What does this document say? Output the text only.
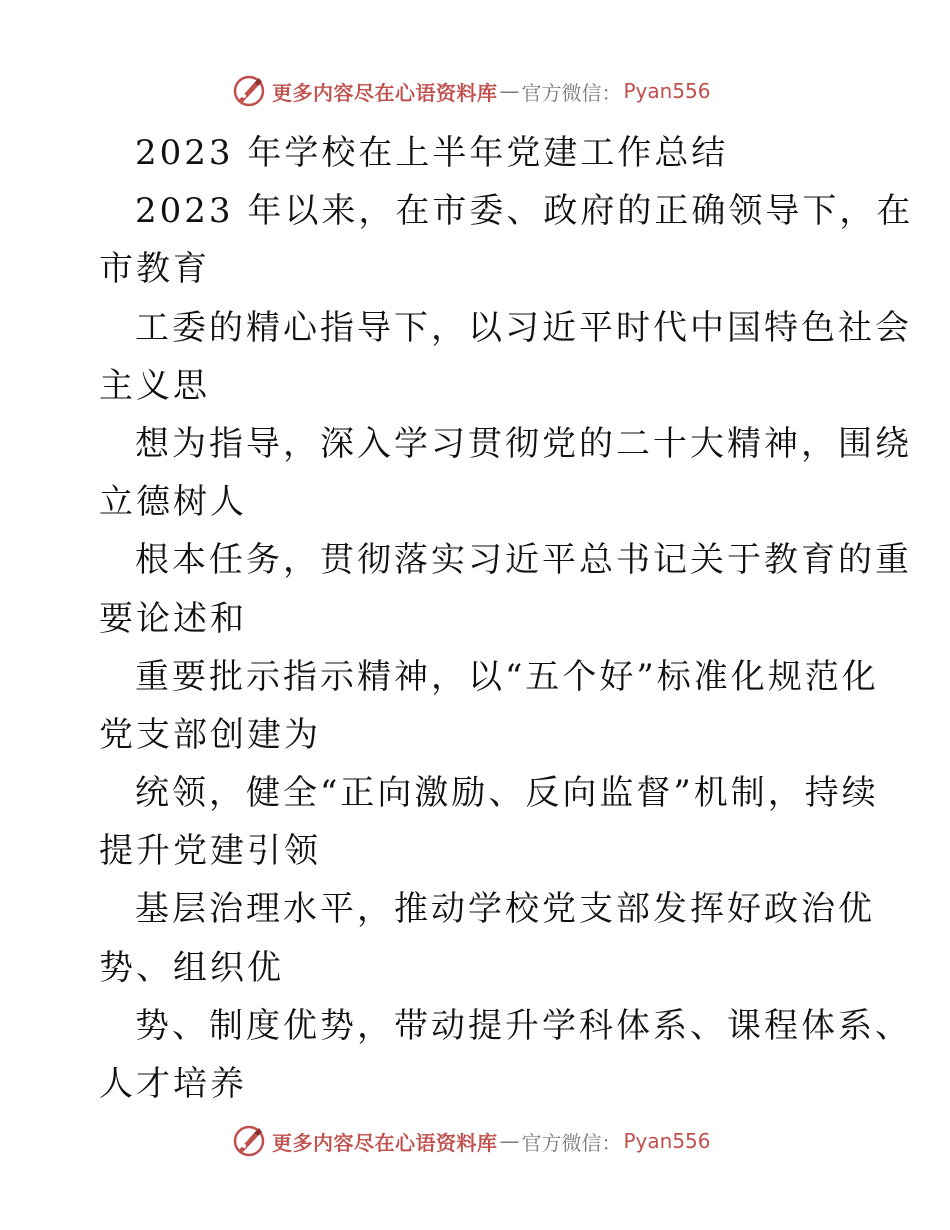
更多内容尽在心语资料库 — 官方微信： Pyan556
2023 年学校在上半年党建工作总结
2023 年以来，在市委、政府的正确领导下，在
市教育
工委的精心指导下，以习近平时代中国特色社会
主义思
想为指导，深入学习贯彻党的二十大精神，围绕
立德树人
根本任务，贯彻落实习近平总书记关于教育的重
要论述和
重要批示指示精神，以“五个好”标准化规范化
党支部创建为
统领，健全“正向激励、反向监督”机制，持续
提升党建引领
基层治理水平，推动学校党支部发挥好政治优
势、组织优
势、制度优势，带动提升学科体系、课程体系、
人才培养
更多内容尽在心语资料库 — 官方微信： Pyan556
